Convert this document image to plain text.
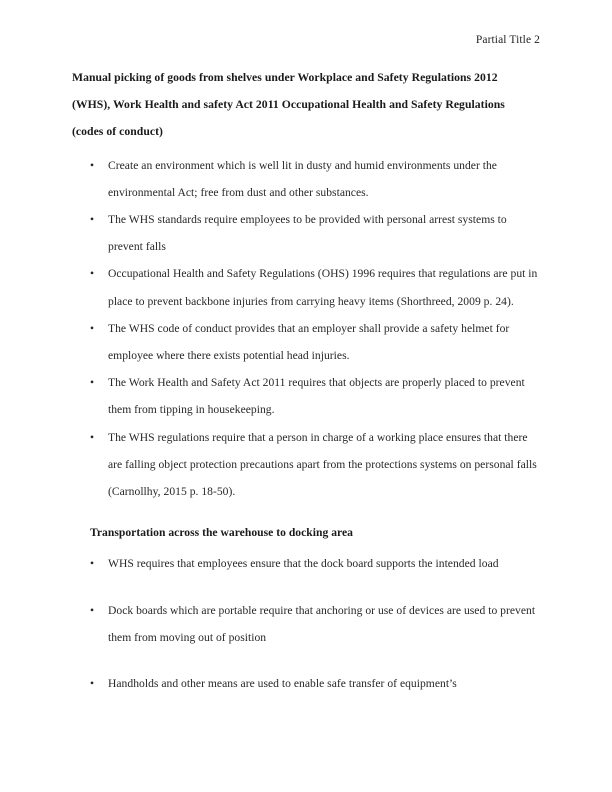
Partial Title 2
Manual picking of goods from shelves under Workplace and Safety Regulations 2012
(WHS), Work Health and safety Act 2011 Occupational Health and Safety Regulations
(codes of conduct)
•	Create an environment which is well lit in dusty and humid environments under the environmental Act; free from dust and other substances.
•	The WHS standards require employees to be provided with personal arrest systems to prevent falls
•	Occupational Health and Safety Regulations (OHS) 1996 requires that regulations are put in place to prevent backbone injuries from carrying heavy items (Shorthreed, 2009 p. 24).
•	The WHS code of conduct provides that an employer shall provide a safety helmet for employee where there exists potential head injuries.
•	The Work Health and Safety Act 2011 requires that objects are properly placed to prevent them from tipping in housekeeping.
•	The WHS regulations require that a person in charge of a working place ensures that there are falling object protection precautions apart from the protections systems on personal falls (Carnollhy, 2015 p. 18-50).
Transportation across the warehouse to docking area
•	WHS requires that employees ensure that the dock board supports the intended load
•	Dock boards which are portable require that anchoring or use of devices are used to prevent them from moving out of position
•	Handholds and other means are used to enable safe transfer of equipment’s
